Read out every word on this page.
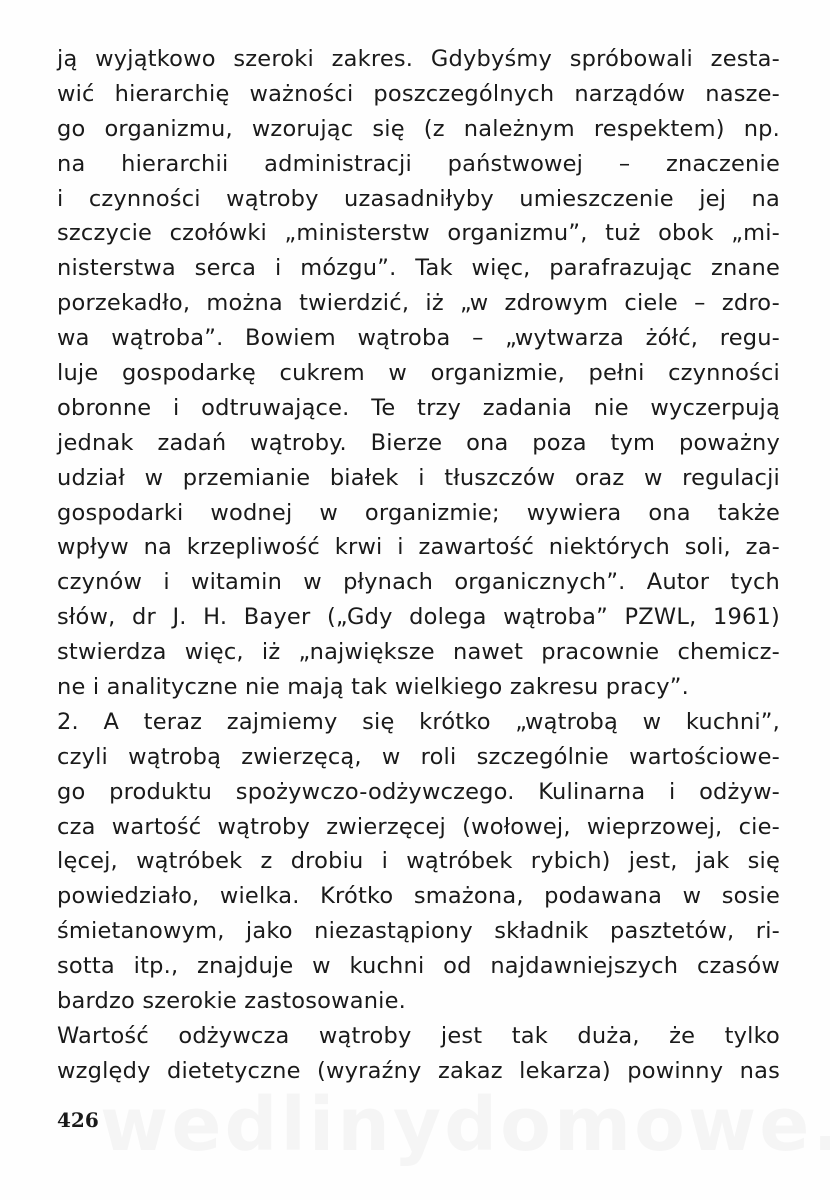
ją wyjątkowo szeroki zakres. Gdybyśmy spróbowali zesta-
wić hierarchię ważności poszczególnych narządów nasze-
go organizmu, wzorując się (z należnym respektem) np.
na hierarchii administracji państwowej – znaczenie
i czynności wątroby uzasadniłyby umieszczenie jej na
szczycie czołówki „ministerstw organizmu”, tuż obok „mi-
nisterstwa serca i mózgu”. Tak więc, parafrazując znane
porzekadło, można twierdzić, iż „w zdrowym ciele – zdro-
wa wątroba”. Bowiem wątroba – „wytwarza żółć, regu-
luje gospodarkę cukrem w organizmie, pełni czynności
obronne i odtruwające. Te trzy zadania nie wyczerpują
jednak zadań wątroby. Bierze ona poza tym poważny
udział w przemianie białek i tłuszczów oraz w regulacji
gospodarki wodnej w organizmie; wywiera ona także
wpływ na krzepliwość krwi i zawartość niektórych soli, za-
czynów i witamin w płynach organicznych”. Autor tych
słów, dr J. H. Bayer („Gdy dolega wątroba” PZWL, 1961)
stwierdza więc, iż „największe nawet pracownie chemicz-
ne i analityczne nie mają tak wielkiego zakresu pracy”.
2. A teraz zajmiemy się krótko „wątrobą w kuchni”,
czyli wątrobą zwierzęcą, w roli szczególnie wartościowe-
go produktu spożywczo-odżywczego. Kulinarna i odżyw-
cza wartość wątroby zwierzęcej (wołowej, wieprzowej, cie-
lęcej, wątróbek z drobiu i wątróbek rybich) jest, jak się
powiedziało, wielka. Krótko smażona, podawana w sosie
śmietanowym, jako niezastąpiony składnik pasztetów, ri-
sotta itp., znajduje w kuchni od najdawniejszych czasów
bardzo szerokie zastosowanie.
Wartość odżywcza wątroby jest tak duża, że tylko
względy dietetyczne (wyraźny zakaz lekarza) powinny nas
426
